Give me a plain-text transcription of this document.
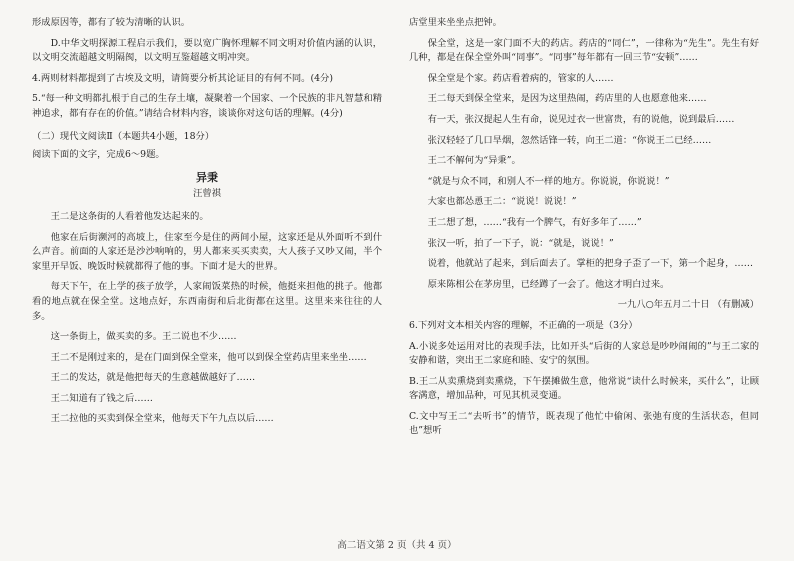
形成原因等，都有了较为清晰的认识。

D.中华文明探源工程启示我们，要以宽广胸怀理解不同文明对价值内涵的认识，以文明交流超越文明隔阂，以文明互鉴超越文明冲突。

4.两则材料都提到了古埃及文明，请简要分析其论证目的有何不同。(4分)

5.“每一种文明都扎根于自己的生存土壤，凝聚着一个国家、一个民族的非凡智慧和精神追求，都有存在的价值。”请结合材料内容，谈谈你对这句话的理解。(4分)

（二）现代文阅读Ⅱ（本题共4小题，18分）

阅读下面的文字，完成6～9题。

异秉
汪曾祺

王二是这条街的人看着他发达起来的。

他家在后街濒河的高坡上，住家至今是住的两间小屋，这家还是从外面听不到什么声音。前面的人家还是沙沙响响的，男人都来买买卖卖，大人孩子又吵又闹，半个家里开早饭、晚饭时候就都得了他的事。下面才是大的世界。

每天下午，在上学的孩子放学，人家闹饭菜热的时候，他挺来担他的挑子。他都看的地点就在保全堂。这地点好，东西南街和后北街都在这里。这里来来往往的人多。

这一条街上，做买卖的多。王二说也不少……

王二不是刚过来的，是在门面到保全堂来，他可以到保全堂药店里来坐坐……

王二的发达，就是他把每天的生意越做越好了……

王二知道有了钱之后……

王二拉他的买卖到保全堂来，他每天下午九点以后……

店堂里来坐坐点把钟。

保全堂，这是一家门面不大的药店。药店的“同仁”，一律称为“先生”。先生有好几种，都是在保全堂外叫“同事”。“同事”每年都有一回三节“安顿”……

保全堂是个家。药店看着病的，管家的人……

王二每天到保全堂来，是因为这里热闹，药店里的人也愿意他来……

有一天，张汉提起人生有命，说见过衣一世富贵，有的说他，说到最后……

张汉轻轻了几口旱烟，忽然话锋一转，向王二道：“你说王二已经……

王二不解何为“异秉”。

“就是与众不同，和别人不一样的地方。你说说，你说说！”

大家也都怂恿王二：“说说！说说！”

王二想了想，……“我有一个脾气，有好多年了……”

张汉一听，拍了一下子，说：“就是，说说！”

说着，他就站了起来，到后面去了。掌柜的把身子歪了一下，第一个起身，……

原来陈相公在茅房里，已经蹲了一会了。他这才明白过来。

一九八○年五月二十日 （有删减）

6.下列对文本相关内容的理解，不正确的一项是（3分）

A.小说多处运用对比的表现手法，比如开头“后街的人家总是吵吵闹闹的”与王二家的安静和谐，突出王二家庭和睦、安宁的氛围。

B.王二从卖熏烧到卖熏烧，下午摆摊做生意，他常说“读什么时候来，买什么”，让顾客满意，增加品种，可见其机灵变通。

C.文中写王二“去听书”的情节，既表现了他忙中偷闲、张弛有度的生活状态，但同也”想听

高二语文第 2 页（共 4 页）
